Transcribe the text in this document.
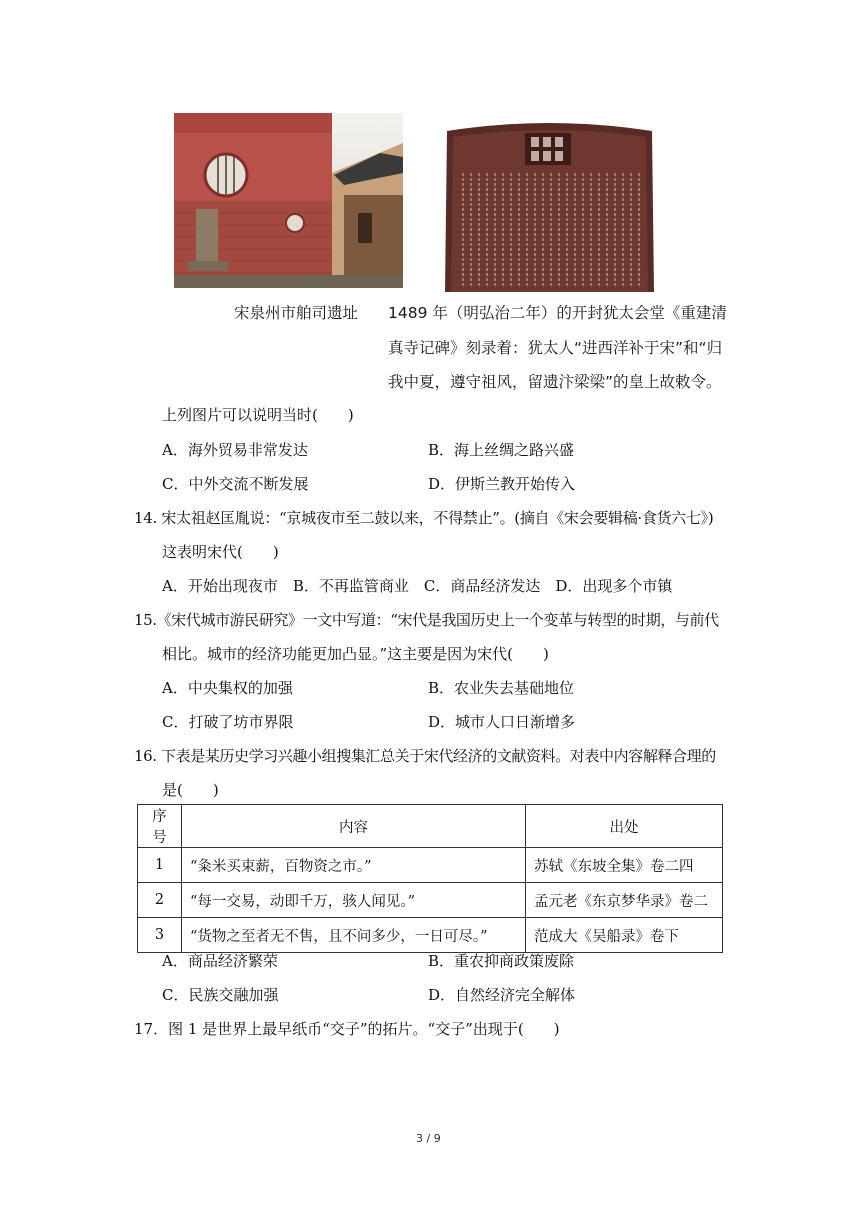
宋泉州市舶司遗址 1489 年（明弘治二年）的开封犹太会堂《重建清
真寺记碑》刻录着：犹太人“进西洋补于宋”和“归
我中夏，遵守祖风，留遗汴梁梁”的皇上故敕令。
上列图片可以说明当时(　　)
A．海外贸易非常发达	B．海上丝绸之路兴盛
C．中外交流不断发展	D．伊斯兰教开始传入
14. 宋太祖赵匡胤说：“京城夜市至二鼓以来，不得禁止”。(摘自《宋会要辑稿·食货六七》)
这表明宋代(　　)
A．开始出现夜市　B．不再监管商业　C．商品经济发达　D．出现多个市镇
15.《宋代城市游民研究》一文中写道：“宋代是我国历史上一个变革与转型的时期，与前代
相比。城市的经济功能更加凸显。”这主要是因为宋代(　　)
A．中央集权的加强	B．农业失去基础地位
C．打破了坊市界限	D．城市人口日渐增多
16. 下表是某历史学习兴趣小组搜集汇总关于宋代经济的文献资料。对表中内容解释合理的
是(　　)
序号	内容	出处
1	“粂米买束薪，百物资之市。”	苏轼《东坡全集》卷二四
2	“每一交易，动即千万，骇人闻见。”	孟元老《东京梦华录》卷二
3	“货物之至者无不售，且不问多少，一日可尽。”	范成大《吴船录》卷下
A．商品经济繁荣	B．重农抑商政策废除
C．民族交融加强	D．自然经济完全解体
17．图 1 是世界上最早纸币“交子”的拓片。“交子”出现于(　　)
3 / 9
